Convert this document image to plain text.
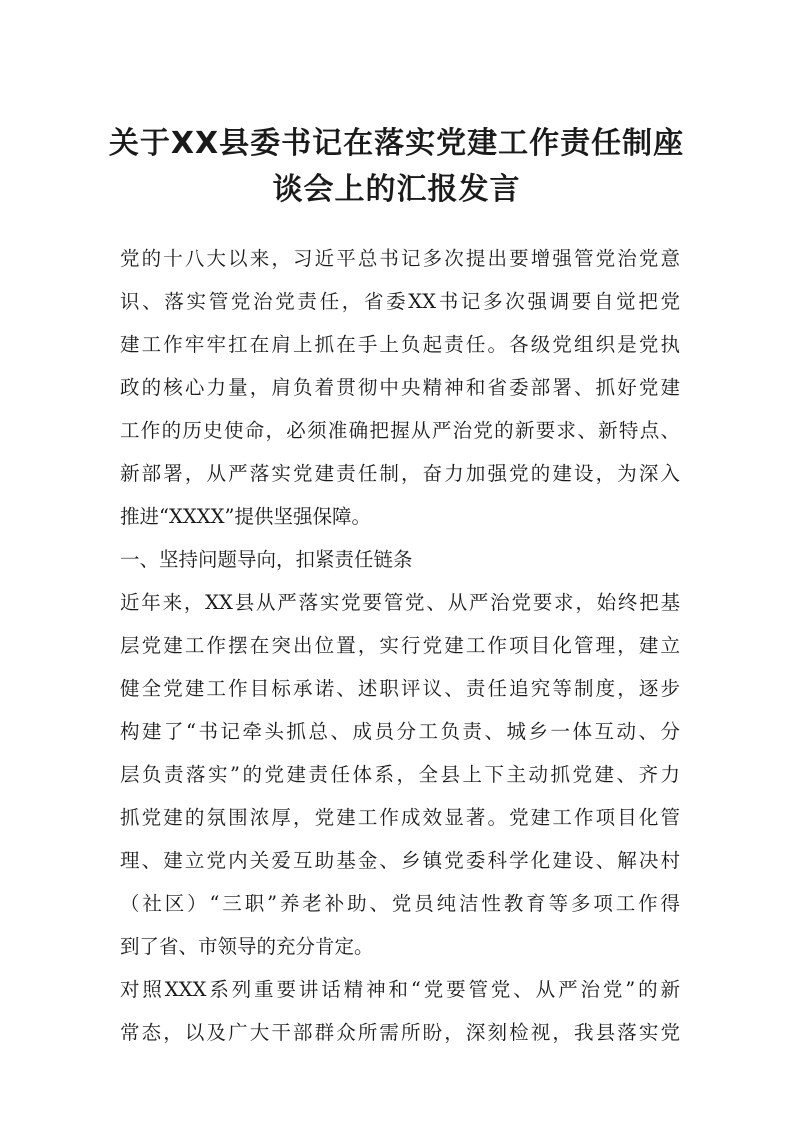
关于XX县委书记在落实党建工作责任制座
谈会上的汇报发言

党的十八大以来，习近平总书记多次提出要增强管党治党意

识、落实管党治党责任，省委XX书记多次强调要自觉把党

建工作牢牢扛在肩上抓在手上负起责任。各级党组织是党执

政的核心力量，肩负着贯彻中央精神和省委部署、抓好党建

工作的历史使命，必须准确把握从严治党的新要求、新特点、

新部署，从严落实党建责任制，奋力加强党的建设，为深入

推进“XXXX”提供坚强保障。

一、坚持问题导向，扣紧责任链条

近年来，XX县从严落实党要管党、从严治党要求，始终把基

层党建工作摆在突出位置，实行党建工作项目化管理，建立

健全党建工作目标承诺、述职评议、责任追究等制度，逐步

构建了“书记牵头抓总、成员分工负责、城乡一体互动、分

层负责落实”的党建责任体系，全县上下主动抓党建、齐力

抓党建的氛围浓厚，党建工作成效显著。党建工作项目化管

理、建立党内关爱互助基金、乡镇党委科学化建设、解决村

（社区）“三职”养老补助、党员纯洁性教育等多项工作得

到了省、市领导的充分肯定。

对照XXX系列重要讲话精神和“党要管党、从严治党”的新

常态，以及广大干部群众所需所盼，深刻检视，我县落实党
